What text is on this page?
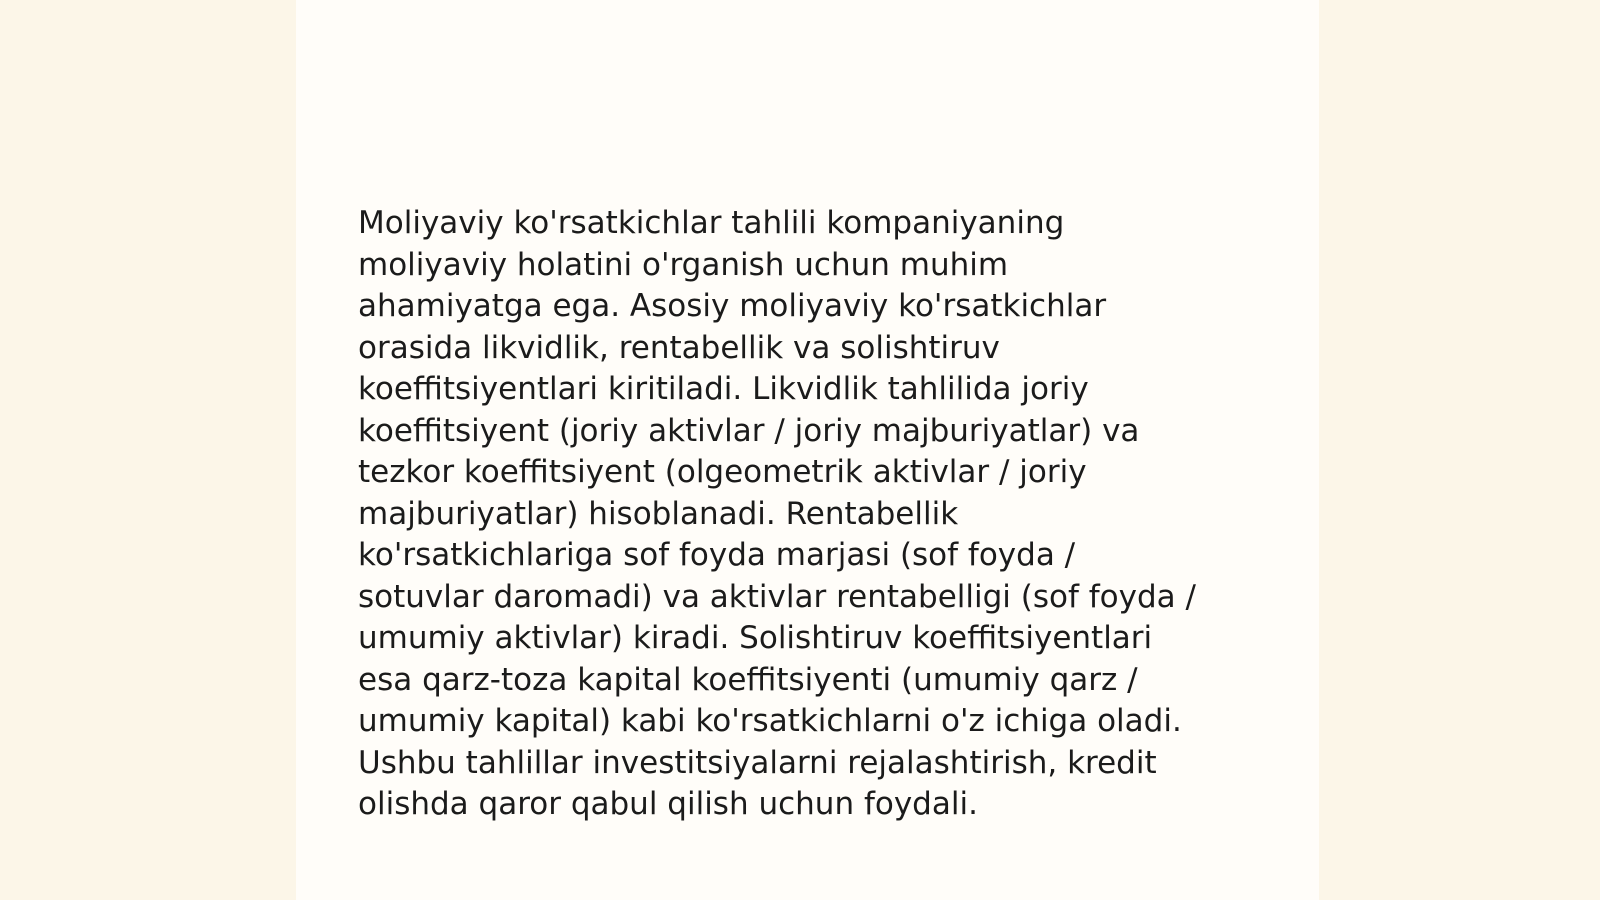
Moliyaviy ko'rsatkichlar tahlili kompaniyaning
moliyaviy holatini o'rganish uchun muhim
ahamiyatga ega. Asosiy moliyaviy ko'rsatkichlar
orasida likvidlik, rentabellik va solishtiruv
koeffitsiyentlari kiritiladi. Likvidlik tahlilida joriy
koeffitsiyent (joriy aktivlar / joriy majburiyatlar) va
tezkor koeffitsiyent (olgeometrik aktivlar / joriy
majburiyatlar) hisoblanadi. Rentabellik
ko'rsatkichlariga sof foyda marjasi (sof foyda /
sotuvlar daromadi) va aktivlar rentabelligi (sof foyda /
umumiy aktivlar) kiradi. Solishtiruv koeffitsiyentlari
esa qarz-toza kapital koeffitsiyenti (umumiy qarz /
umumiy kapital) kabi ko'rsatkichlarni o'z ichiga oladi.
Ushbu tahlillar investitsiyalarni rejalashtirish, kredit
olishda qaror qabul qilish uchun foydali.
